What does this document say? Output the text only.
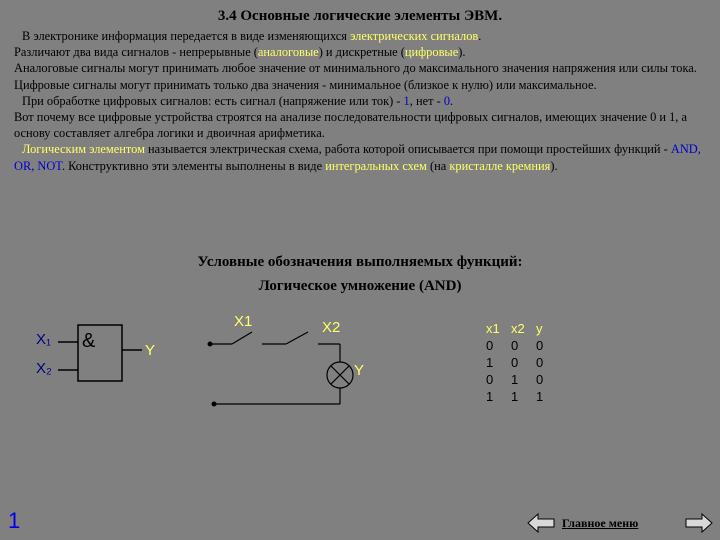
3.4 Основные логические элементы ЭВМ.

В электронике информация передается в виде изменяющихся электрических сигналов.

Различают два вида сигналов - непрерывные (аналоговые) и дискретные (цифровые).

Аналоговые сигналы могут принимать любое значение от минимального до максимального значения напряжения или силы тока. Цифровые сигналы могут принимать только два значения - минимальное (близкое к нулю) или максимальное.

При обработке цифровых сигналов: есть сигнал (напряжение или ток) - 1, нет - 0.

Вот почему все цифровые устройства строятся на анализе последовательности цифровых сигналов, имеющих значение 0 и 1, а основу составляет алгебра логики и двоичная арифметика.

Логическим элементом называется электрическая схема, работа которой описывается при помощи простейших функций - AND, OR, NOT. Конструктивно эти элементы выполнены в виде интегральных схем (на кристалле кремния).

Условные обозначения выполняемых функций:
Логическое умножение (AND)
X₁
X₂
&	Y
X1	X2
Y
x1 x2 y
0	0	0
1	0	0
0	1	0
1	1	1
1	Главное меню
